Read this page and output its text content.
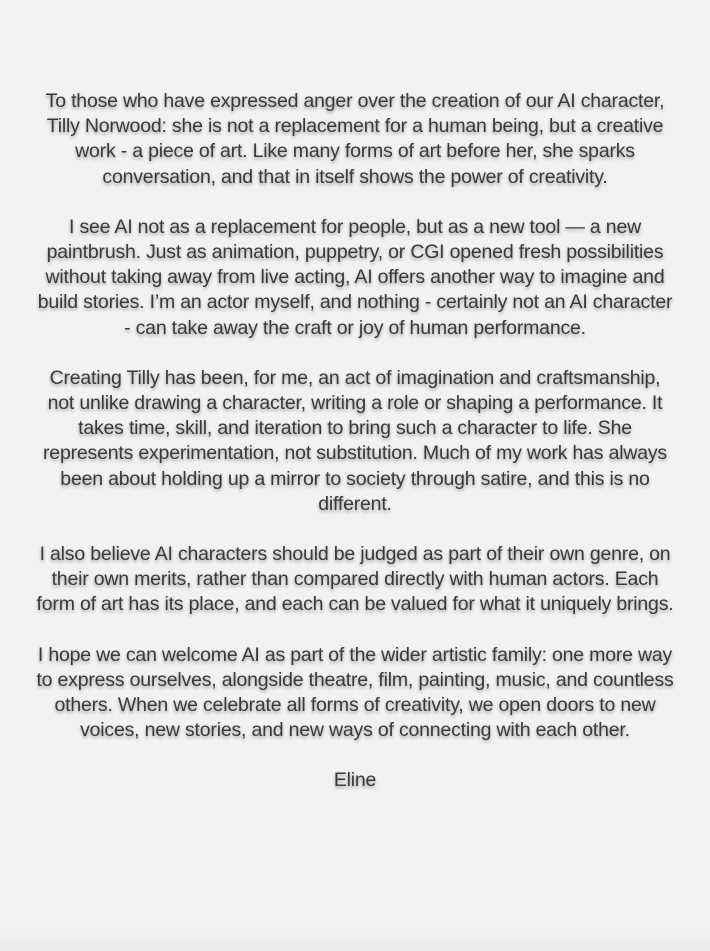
To those who have expressed anger over the creation of our AI character, Tilly Norwood: she is not a replacement for a human being, but a creative work - a piece of art. Like many forms of art before her, she sparks conversation, and that in itself shows the power of creativity.

I see AI not as a replacement for people, but as a new tool — a new paintbrush. Just as animation, puppetry, or CGI opened fresh possibilities without taking away from live acting, AI offers another way to imagine and build stories. I’m an actor myself, and nothing - certainly not an AI character - can take away the craft or joy of human performance.

Creating Tilly has been, for me, an act of imagination and craftsmanship, not unlike drawing a character, writing a role or shaping a performance. It takes time, skill, and iteration to bring such a character to life. She represents experimentation, not substitution. Much of my work has always been about holding up a mirror to society through satire, and this is no different.

I also believe AI characters should be judged as part of their own genre, on their own merits, rather than compared directly with human actors. Each form of art has its place, and each can be valued for what it uniquely brings.

I hope we can welcome AI as part of the wider artistic family: one more way to express ourselves, alongside theatre, film, painting, music, and countless others. When we celebrate all forms of creativity, we open doors to new voices, new stories, and new ways of connecting with each other.

Eline
